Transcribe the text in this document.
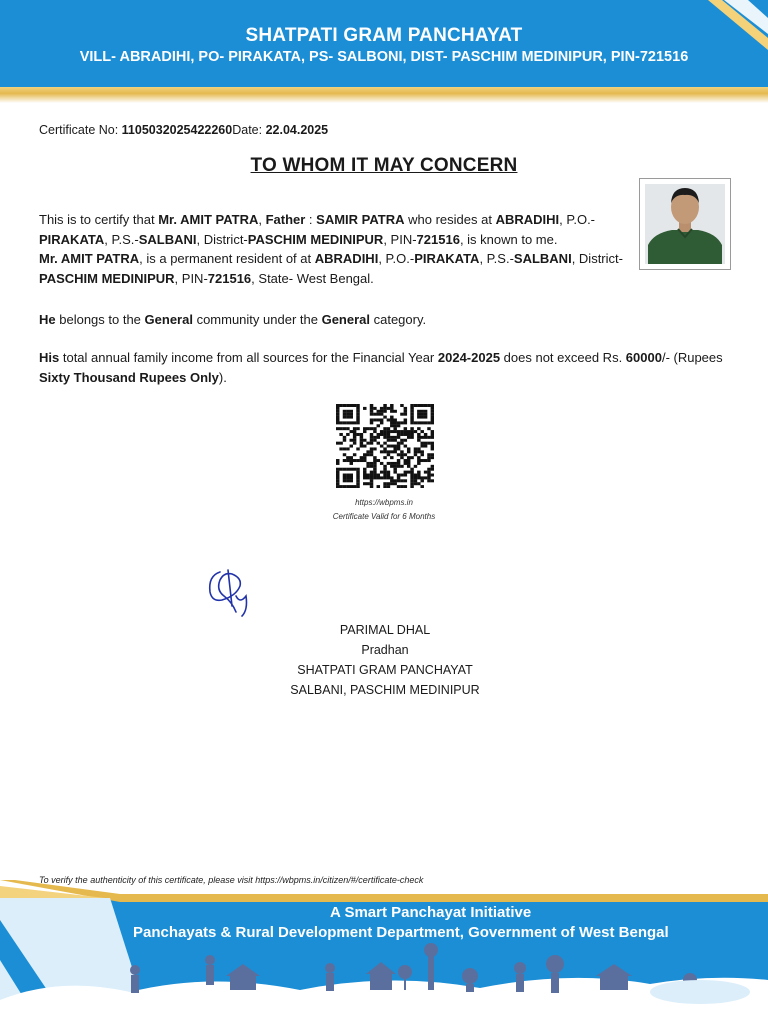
SHATPATI GRAM PANCHAYAT
VILL- ABRADIHI, PO- PIRAKATA, PS- SALBONI, DIST- PASCHIM MEDINIPUR, PIN-721516
Certificate No: 1105032025422260Date: 22.04.2025
TO WHOM IT MAY CONCERN
This is to certify that Mr. AMIT PATRA, Father : SAMIR PATRA who resides at ABRADIHI, P.O.- PIRAKATA, P.S.-SALBANI, District-PASCHIM MEDINIPUR, PIN-721516, is known to me.
Mr. AMIT PATRA, is a permanent resident of at ABRADIHI, P.O.-PIRAKATA, P.S.-SALBANI, District-PASCHIM MEDINIPUR, PIN-721516, State- West Bengal.
He belongs to the General community under the General category.
His total annual family income from all sources for the Financial Year 2024-2025 does not exceed Rs. 60000/- (Rupees Sixty Thousand Rupees Only).
https://wbpms.in
Certificate Valid for 6 Months
PARIMAL DHAL
Pradhan
SHATPATI GRAM PANCHAYAT
SALBANI, PASCHIM MEDINIPUR
To verify the authenticity of this certificate, please visit https://wbpms.in/citizen/#/certificate-check
A Smart Panchayat Initiative
Panchayats & Rural Development Department, Government of West Bengal
